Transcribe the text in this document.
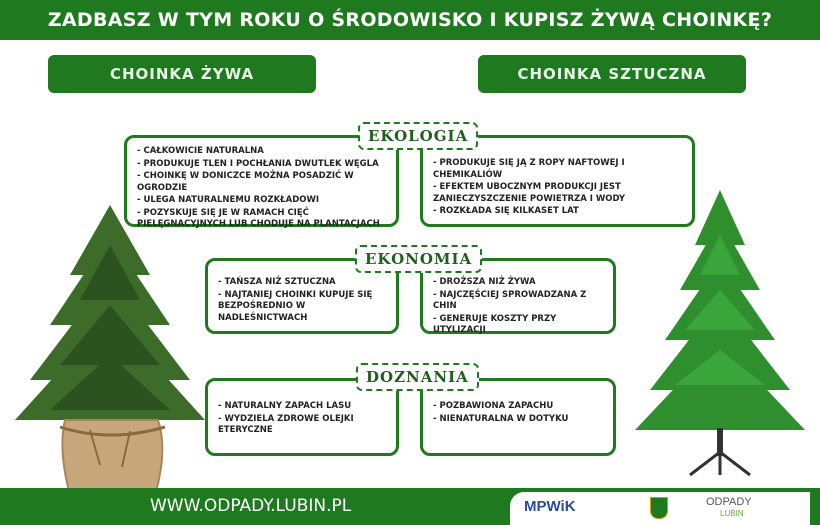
ZADBASZ W TYM ROKU O ŚRODOWISKO I KUPISZ ŻYWĄ CHOINKĘ?
CHOINKA ŻYWA	CHOINKA SZTUCZNA
- CAŁKOWICIE NATURALNA
- PRODUKUJE TLEN I POCHŁANIA DWUTLEK WĘGLA
- CHOINKĘ W DONICZCE MOŻNA POSADZIĆ W OGRODZIE
- ULEGA NATURALNEMU ROZKŁADOWI
- POZYSKUJE SIĘ JE W RAMACH CIĘĆ PIELĘGNACYJNYCH LUB CHODUJE NA PLANTACJACH
- PRODUKUJE SIĘ JĄ Z ROPY NAFTOWEJ I CHEMIKALIÓW
- EFEKTEM UBOCZNYM PRODUKCJI JEST ZANIECZYSZCZENIE POWIETRZA I WODY
- ROZKŁADA SIĘ KILKASET LAT
EKOLOGIA
- TAŃSZA NIŻ SZTUCZNA
- NAJTANIEJ CHOINKI KUPUJE SIĘ BEZPOŚREDNIO W NADLEŚNICTWACH
- DROŻSZA NIŻ ŻYWA
- NAJCZĘŚCIEJ SPROWADZANA Z CHIN
- GENERUJE KOSZTY PRZY UTYLIZACJI
EKONOMIA
- NATURALNY ZAPACH LASU
- WYDZIELA ZDROWE OLEJKI ETERYCZNE
- POZBAWIONA ZAPACHU
- NIENATURALNA W DOTYKU
DOZNANIA
WWW.ODPADY.LUBIN.PL	MPWiK	ODPADY
LUBIN
